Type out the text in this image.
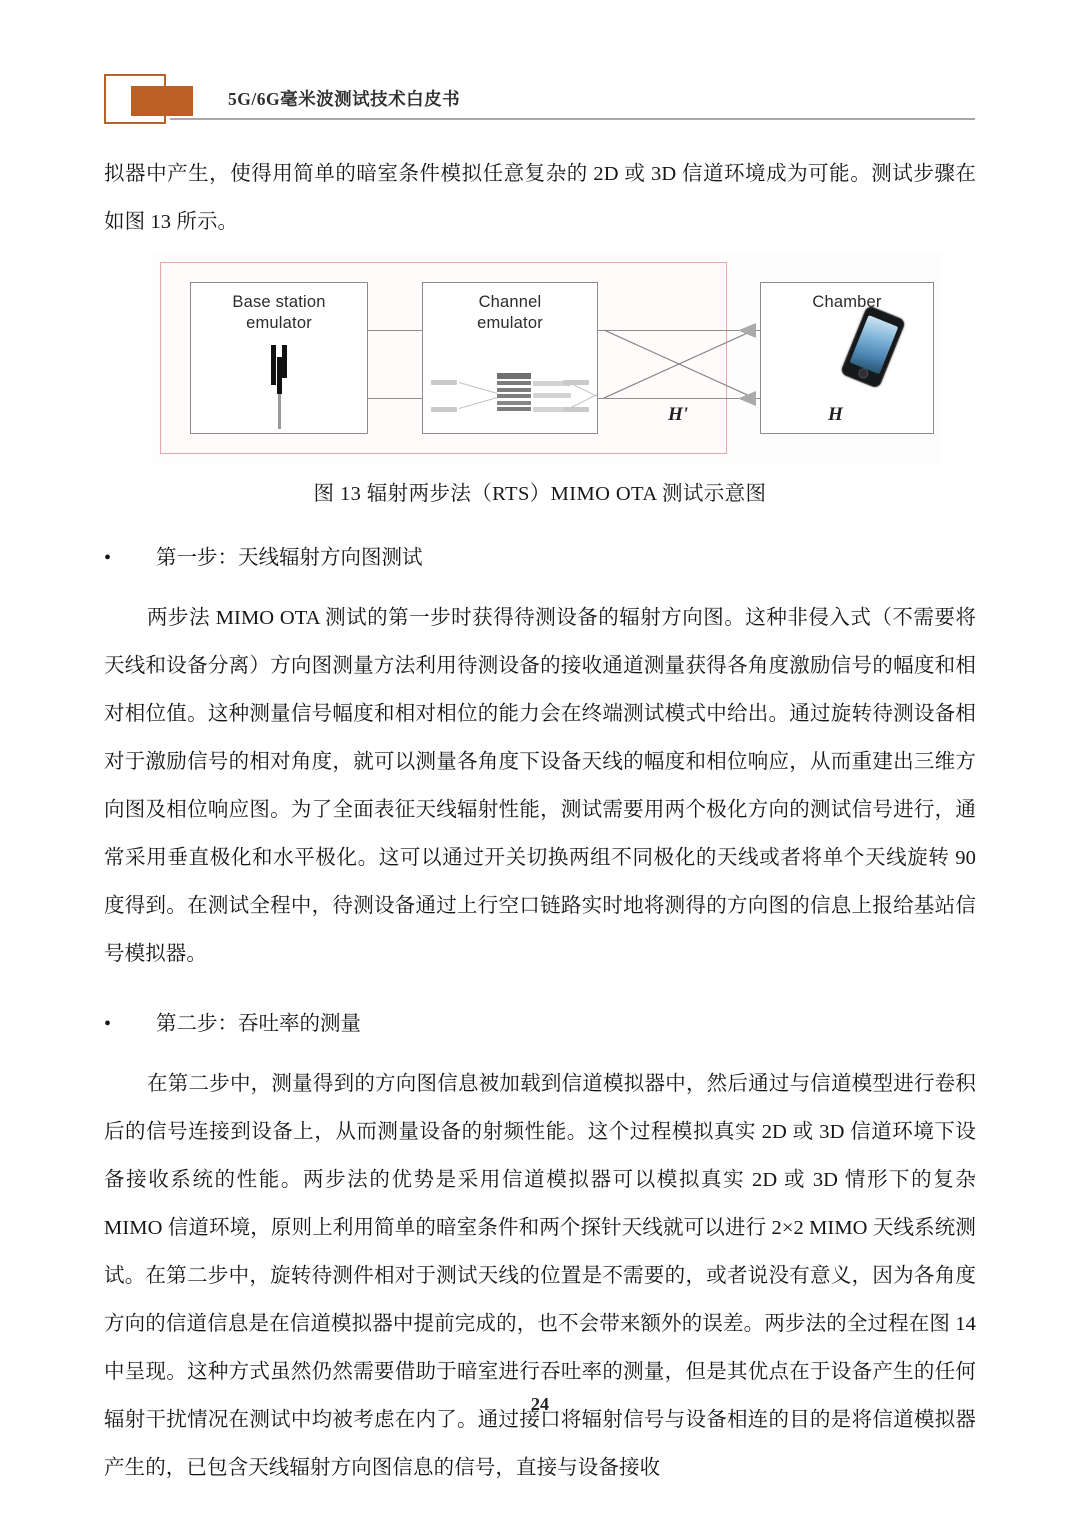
5G/6G毫米波测试技术白皮书

拟器中产生，使得用简单的暗室条件模拟任意复杂的 2D 或 3D 信道环境成为可能。测试步骤在如图 13 所示。

Base station
emulator
Channel
emulator
Chamber
H'	H
图 13 辐射两步法（RTS）MIMO OTA 测试示意图
•	第一步：天线辐射方向图测试

两步法 MIMO OTA 测试的第一步时获得待测设备的辐射方向图。这种非侵入式（不需要将天线和设备分离）方向图测量方法利用待测设备的接收通道测量获得各角度激励信号的幅度和相对相位值。这种测量信号幅度和相对相位的能力会在终端测试模式中给出。通过旋转待测设备相对于激励信号的相对角度，就可以测量各角度下设备天线的幅度和相位响应，从而重建出三维方向图及相位响应图。为了全面表征天线辐射性能，测试需要用两个极化方向的测试信号进行，通常采用垂直极化和水平极化。这可以通过开关切换两组不同极化的天线或者将单个天线旋转 90 度得到。在测试全程中，待测设备通过上行空口链路实时地将测得的方向图的信息上报给基站信号模拟器。

•	第二步：吞吐率的测量

在第二步中，测量得到的方向图信息被加载到信道模拟器中，然后通过与信道模型进行卷积后的信号连接到设备上，从而测量设备的射频性能。这个过程模拟真实 2D 或 3D 信道环境下设备接收系统的性能。两步法的优势是采用信道模拟器可以模拟真实 2D 或 3D 情形下的复杂 MIMO 信道环境，原则上利用简单的暗室条件和两个探针天线就可以进行 2×2 MIMO 天线系统测试。在第二步中，旋转待测件相对于测试天线的位置是不需要的，或者说没有意义，因为各角度方向的信道信息是在信道模拟器中提前完成的，也不会带来额外的误差。两步法的全过程在图 14 中呈现。这种方式虽然仍然需要借助于暗室进行吞吐率的测量，但是其优点在于设备产生的任何辐射干扰情况在测试中均被考虑在内了。通过接口将辐射信号与设备相连的目的是将信道模拟器产生的，已包含天线辐射方向图信息的信号，直接与设备接收

24
